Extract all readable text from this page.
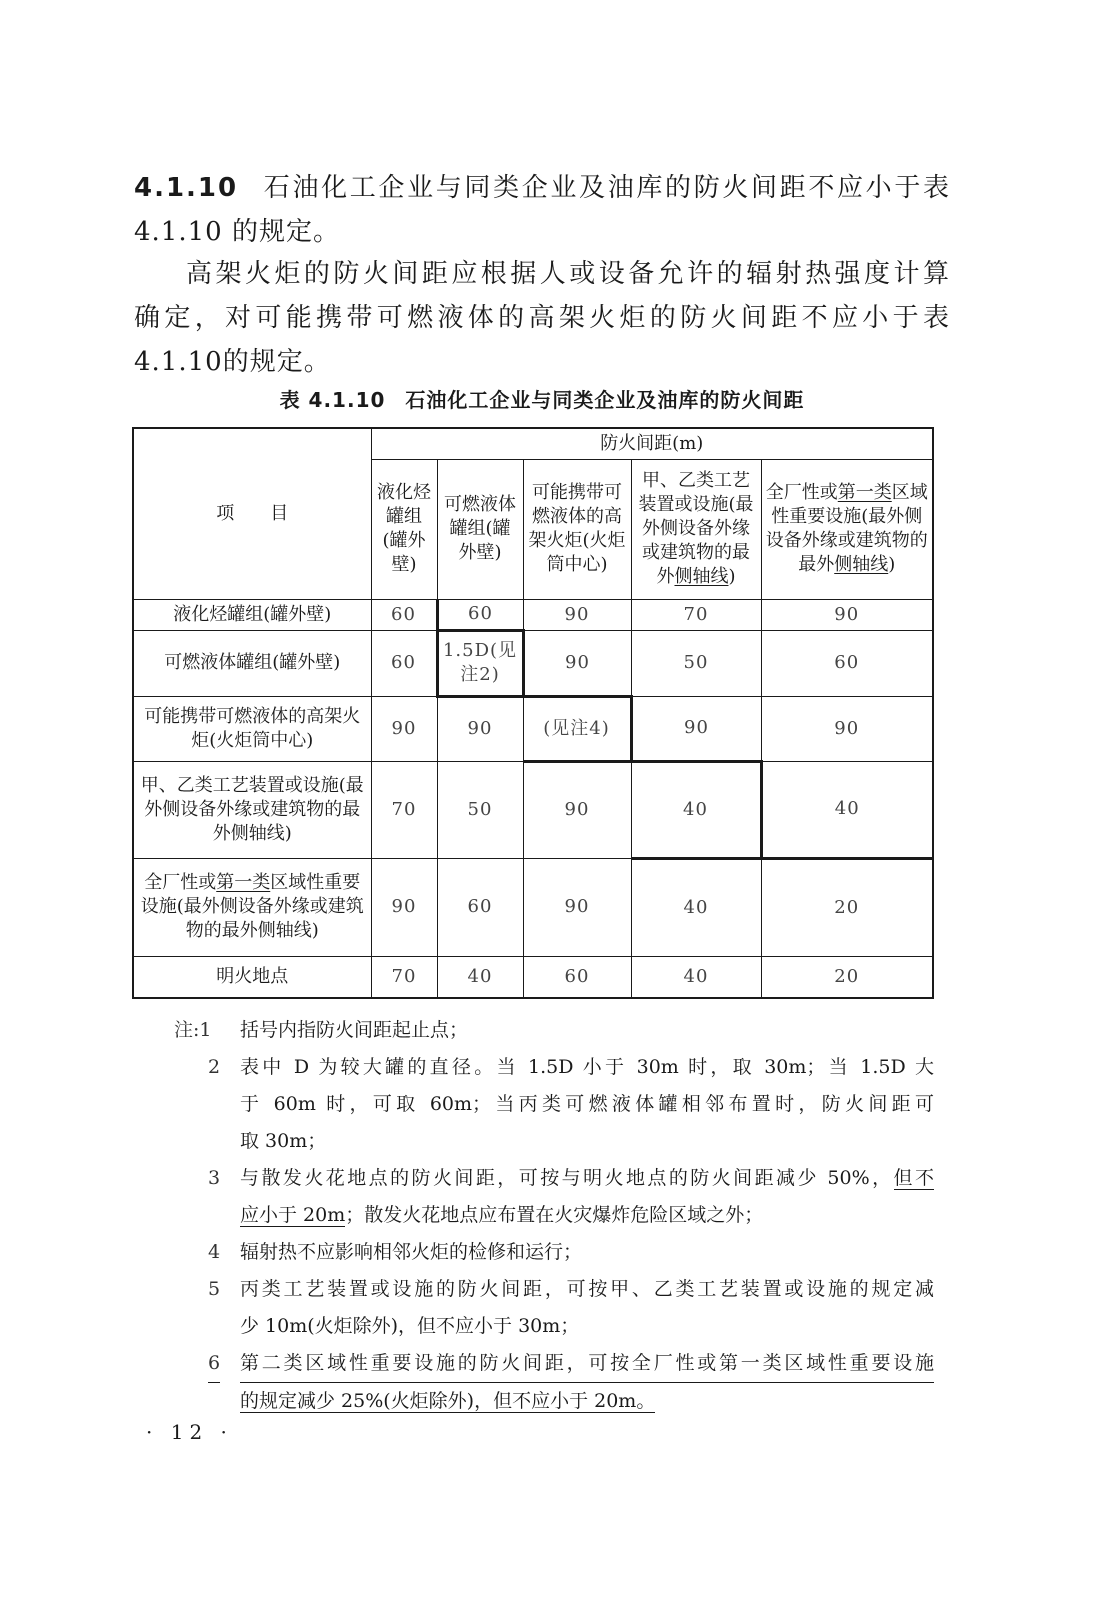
4.1.10 石油化工企业与同类企业及油库的防火间距不应小于表
4.1.10 的规定。
高架火炬的防火间距应根据人或设备允许的辐射热强度计算
确定，对可能携带可燃液体的高架火炬的防火间距不应小于表
4.1.10的规定。
表 4.1.10 石油化工企业与同类企业及油库的防火间距
项　　目	防火间距(m)				
	液化烃罐组(罐外壁)	可燃液体罐组(罐外壁)	可能携带可燃液体的高架火炬(火炬筒中心)	甲、乙类工艺装置或设施(最外侧设备外缘或建筑物的最外侧轴线)	全厂性或第一类区域性重要设施(最外侧设备外缘或建筑物的最外侧轴线)
液化烃罐组(罐外壁)	60	60	90	70	90
可燃液体罐组(罐外壁)	60	1.5D(见注2)	90	50	60
可能携带可燃液体的高架火炬(火炬筒中心)	90	90	(见注4)	90	90
甲、乙类工艺装置或设施(最外侧设备外缘或建筑物的最外侧轴线)	70	50	90	40	40
全厂性或第一类区域性重要设施(最外侧设备外缘或建筑物的最外侧轴线)	90	60	90	40	20
明火地点	70	40	60	40	20
注:1 括号内指防火间距起止点；
2 表中 D 为较大罐的直径。当 1.5D 小于 30m 时，取 30m；当 1.5D 大
于 60m 时，可取 60m；当丙类可燃液体罐相邻布置时，防火间距可
取 30m；
3 与散发火花地点的防火间距，可按与明火地点的防火间距减少 50%，但不
应小于 20m；散发火花地点应布置在火灾爆炸危险区域之外；
4 辐射热不应影响相邻火炬的检修和运行；
5 丙类工艺装置或设施的防火间距，可按甲、乙类工艺装置或设施的规定减
少 10m(火炬除外)，但不应小于 30m；
6 第二类区域性重要设施的防火间距，可按全厂性或第一类区域性重要设施
的规定减少 25%(火炬除外)，但不应小于 20m。
· 12 ·
